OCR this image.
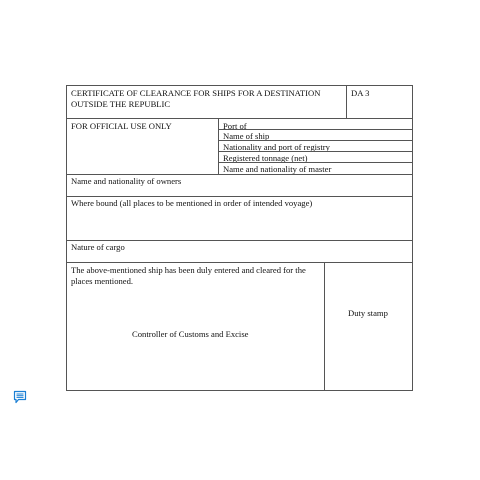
CERTIFICATE OF CLEARANCE FOR SHIPS FOR A DESTINATION OUTSIDE THE REPUBLIC
DA 3
FOR OFFICIAL USE ONLY	Port of
Name of ship
Nationality and port of registry
Registered tonnage (net)
Name and nationality of master
Name and nationality of owners
Where bound (all places to be mentioned in order of intended voyage)
Nature of cargo
The above-mentioned ship has been duly entered and cleared for the places mentioned.
Controller of Customs and Excise
Duty stamp
